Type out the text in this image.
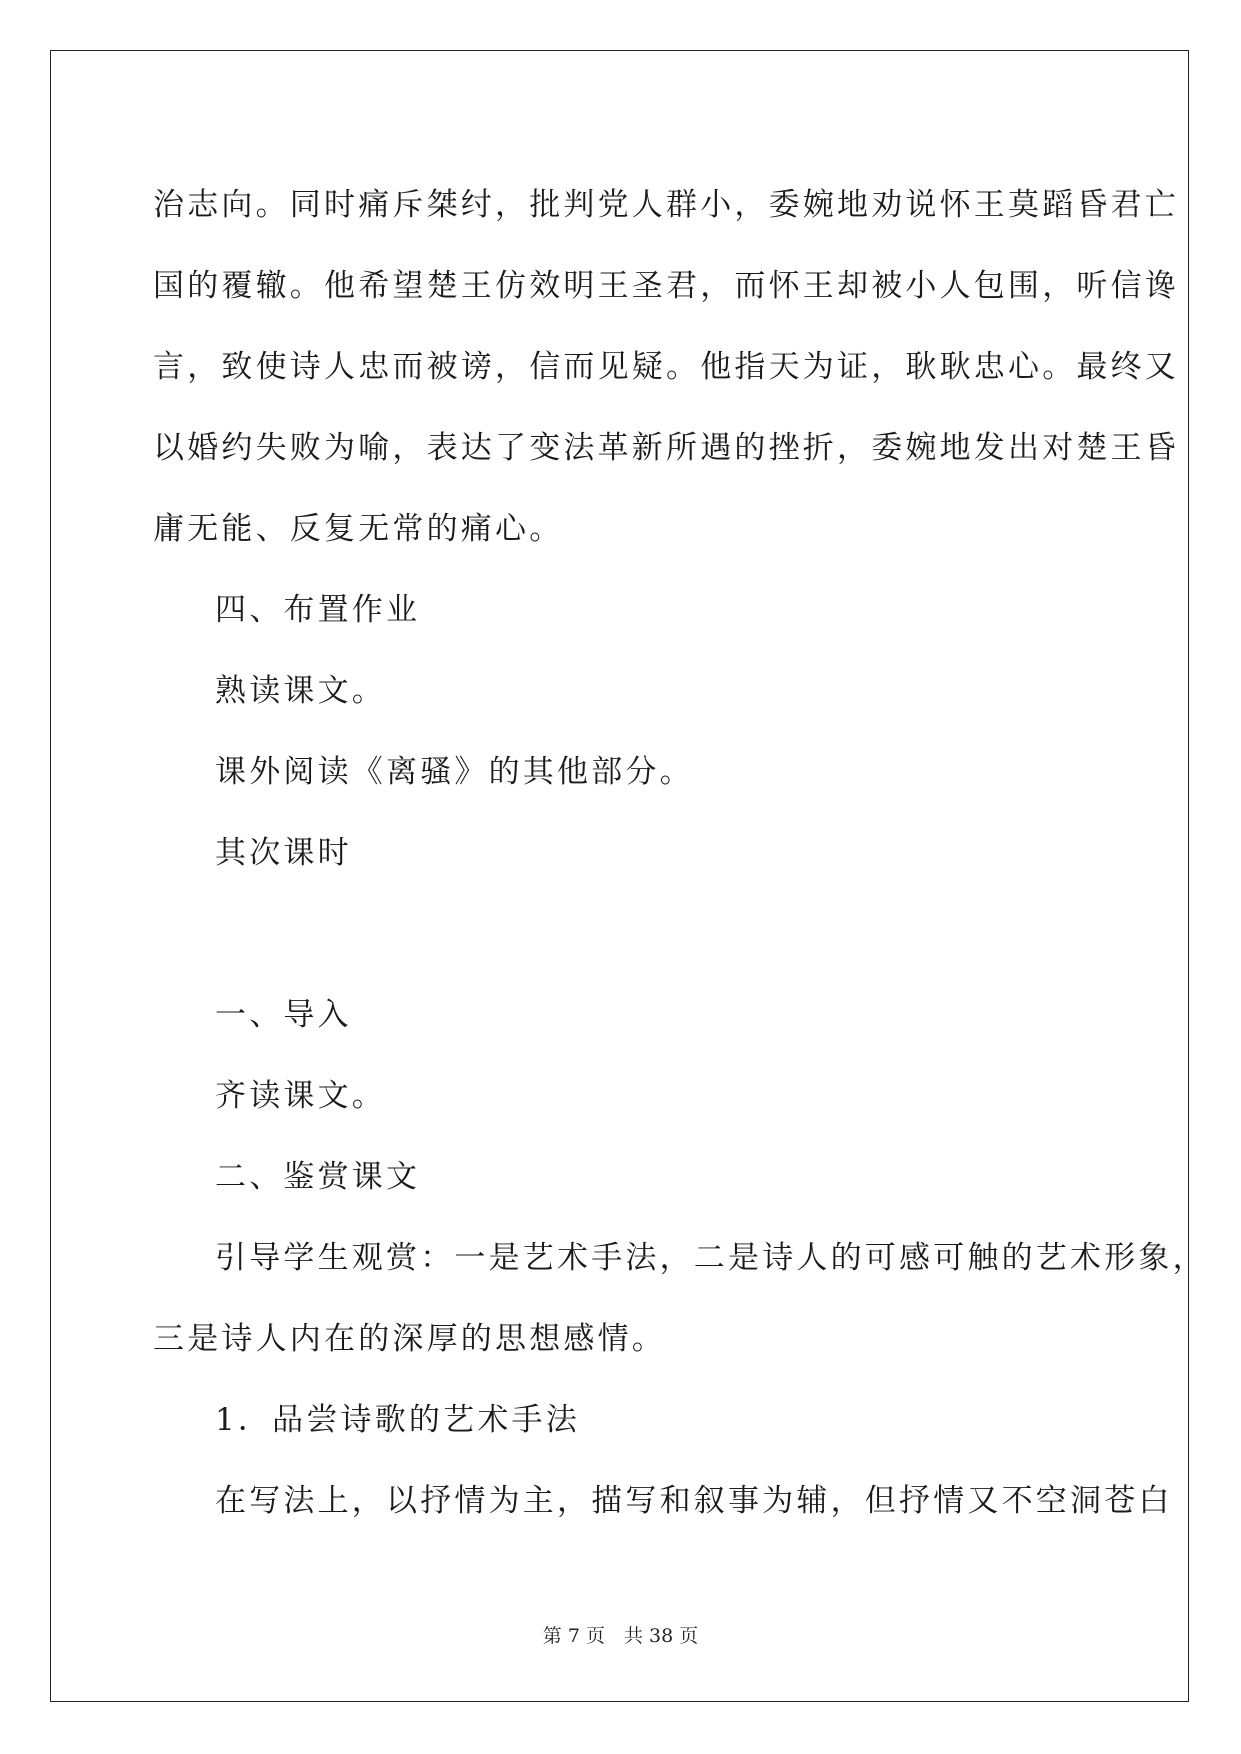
治志向。同时痛斥桀纣，批判党人群小，委婉地劝说怀王莫蹈昏君亡

国的覆辙。他希望楚王仿效明王圣君，而怀王却被小人包围，听信谗

言，致使诗人忠而被谤，信而见疑。他指天为证，耿耿忠心。最终又

以婚约失败为喻，表达了变法革新所遇的挫折，委婉地发出对楚王昏

庸无能、反复无常的痛心。

四、布置作业

熟读课文。

课外阅读《离骚》的其他部分。

其次课时

一、导入

齐读课文。

二、鉴赏课文

引导学生观赏：一是艺术手法，二是诗人的可感可触的艺术形象，

三是诗人内在的深厚的思想感情。

1．品尝诗歌的艺术手法

在写法上，以抒情为主，描写和叙事为辅，但抒情又不空洞苍白

第 7 页　共 38 页
